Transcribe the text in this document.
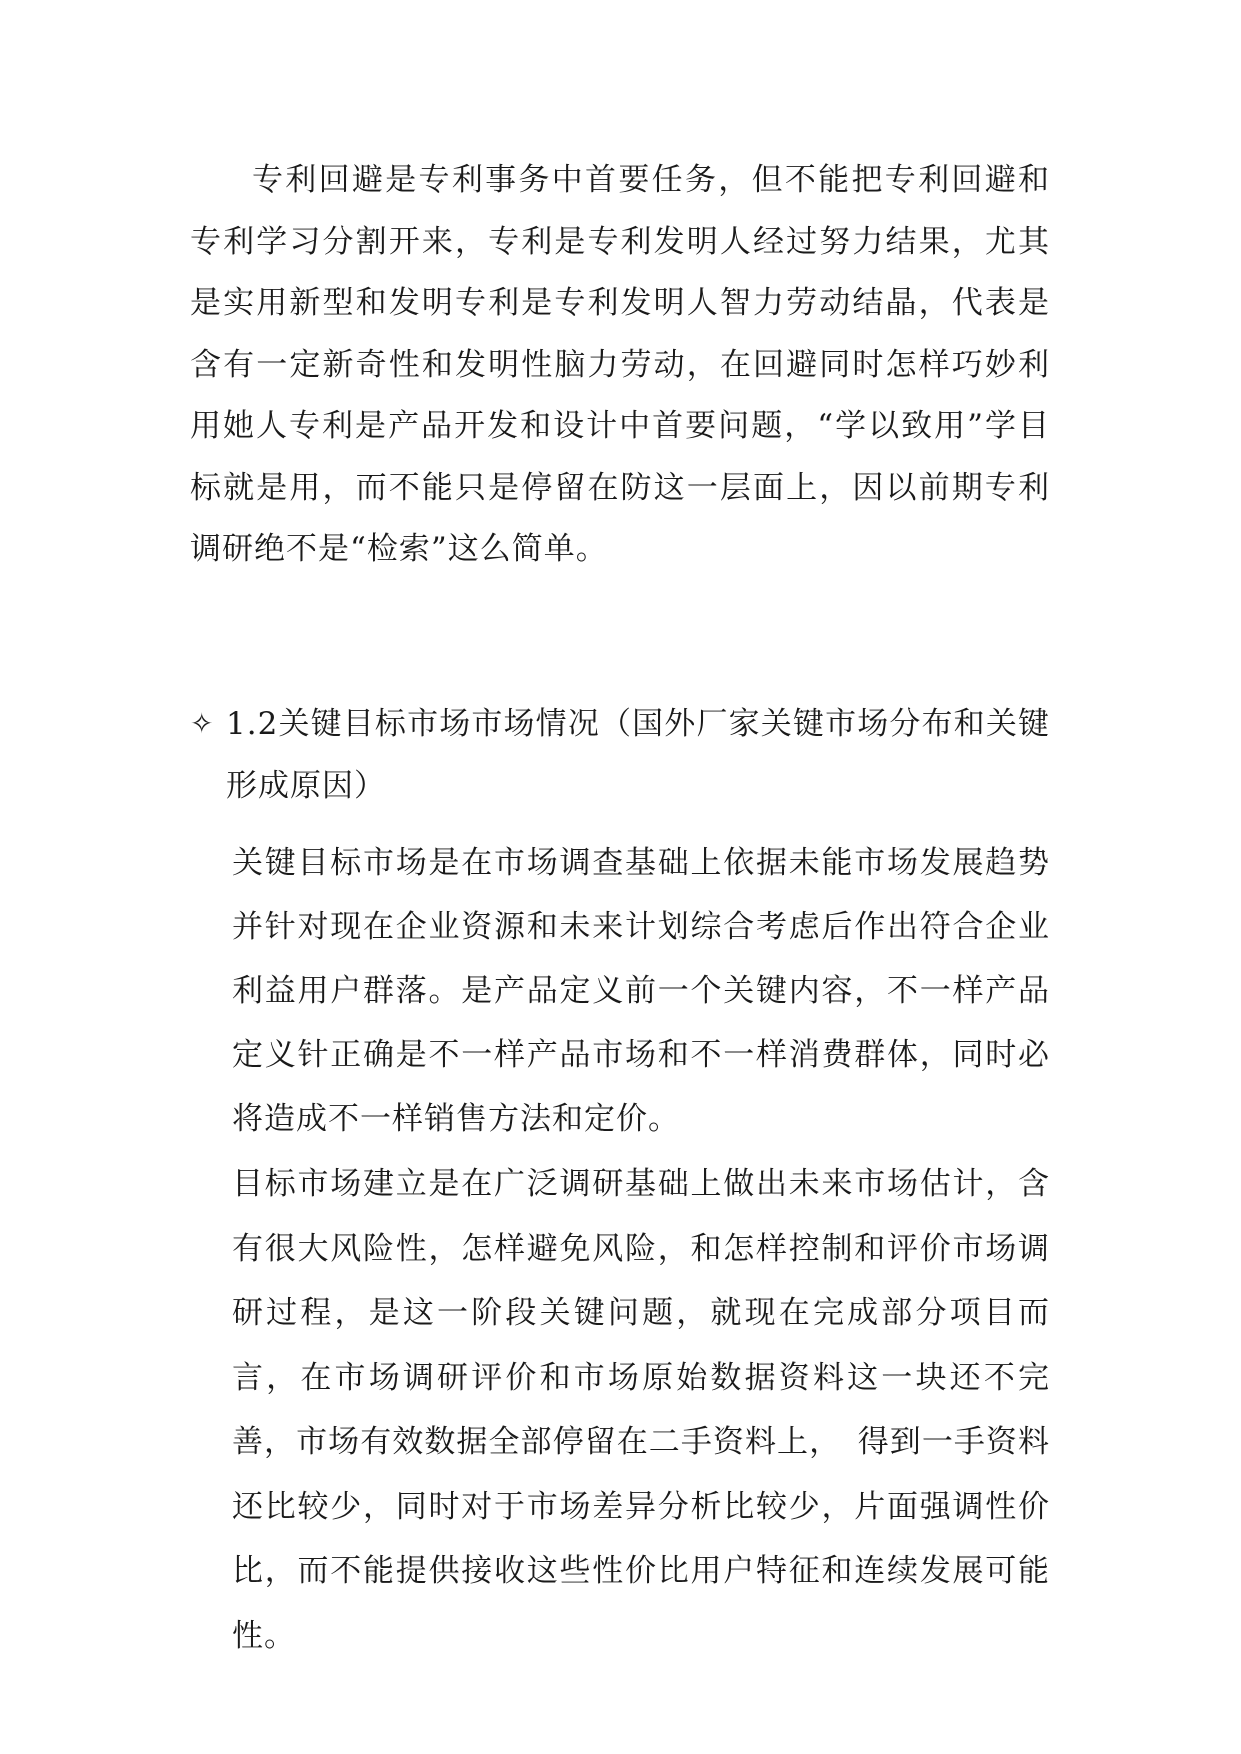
专利回避是专利事务中首要任务，但不能把专利回避和专利学习分割开来，专利是专利发明人经过努力结果，尤其是实用新型和发明专利是专利发明人智力劳动结晶，代表是含有一定新奇性和发明性脑力劳动，在回避同时怎样巧妙利用她人专利是产品开发和设计中首要问题，“学以致用”学目标就是用，而不能只是停留在防这一层面上，因以前期专利调研绝不是“检索”这么简单。

✧ 1.2关键目标市场市场情况（国外厂家关键市场分布和关键形成原因）

关键目标市场是在市场调查基础上依据未能市场发展趋势并针对现在企业资源和未来计划综合考虑后作出符合企业利益用户群落。是产品定义前一个关键内容，不一样产品定义针正确是不一样产品市场和不一样消费群体，同时必将造成不一样销售方法和定价。

目标市场建立是在广泛调研基础上做出未来市场估计，含有很大风险性，怎样避免风险，和怎样控制和评价市场调研过程，是这一阶段关键问题，就现在完成部分项目而言，在市场调研评价和市场原始数据资料这一块还不完善，市场有效数据全部停留在二手资料上，　得到一手资料还比较少，同时对于市场差异分析比较少，片面强调性价比，而不能提供接收这些性价比用户特征和连续发展可能性。
